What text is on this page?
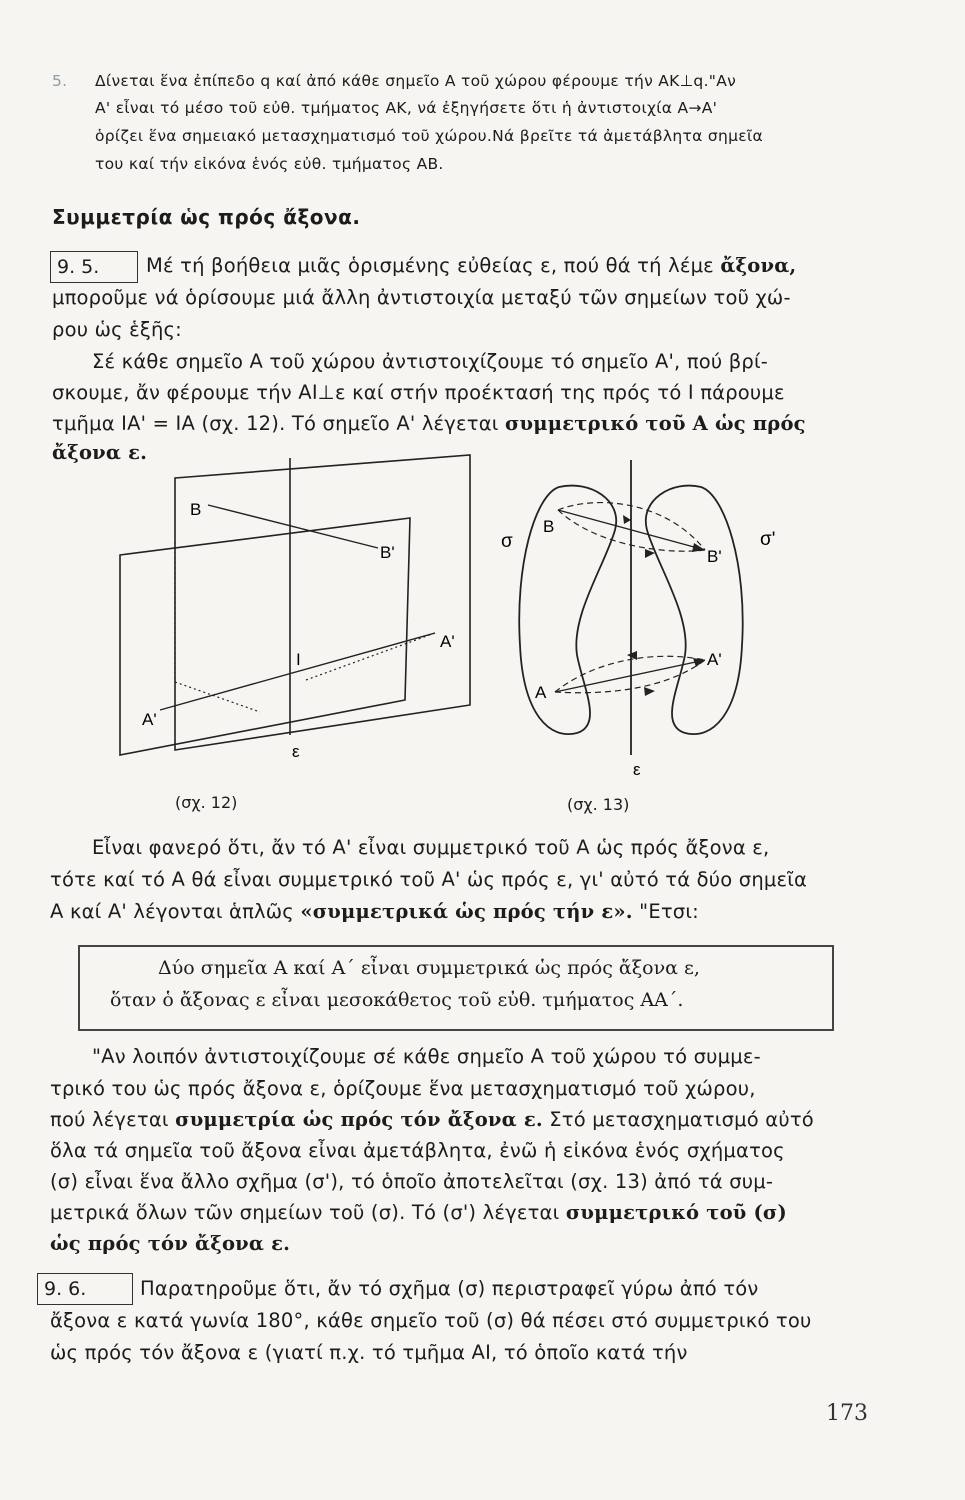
5. Δίνεται ἕνα ἐπίπεδο q καί ἀπό κάθε σημεῖο Α τοῦ χώρου φέρουμε τήν ΑΚ⊥q."Αν
Α' εἶναι τό μέσο τοῦ εὐθ. τμήματος ΑΚ, νά ἐξηγήσετε ὅτι ἡ ἀντιστοιχία Α→Α'
ὁρίζει ἕνα σημειακό μετασχηματισμό τοῦ χώρου.Νά βρεῖτε τά ἀμετάβλητα σημεῖα
του καί τήν εἰκόνα ἑνός εὐθ. τμήματος ΑΒ.
Συμμετρία ὡς πρός ἄξονα.
9. 5.	Μέ τή βοήθεια μιᾶς ὁρισμένης εὐθείας ε, πού θά τή λέμε ἄξονα,
μποροῦμε νά ὁρίσουμε μιά ἄλλη ἀντιστοιχία μεταξύ τῶν σημείων τοῦ χώ-
ρου ὡς ἑξῆς:
Σέ κάθε σημεῖο Α τοῦ χώρου ἀντιστοιχίζουμε τό σημεῖο Α', πού βρί-
σκουμε, ἄν φέρουμε τήν ΑΙ⊥ε καί στήν προέκτασή της πρός τό Ι πάρουμε
τμῆμα ΙΑ' = ΙΑ (σχ. 12). Τό σημεῖο Α' λέγεται συμμετρικό τοῦ Α ὡς πρός
ἄξονα ε.
B
B'
A'
A'
I
ε
(σχ. 12)
σ	σ'
B
B'
A
A'
ε
(σχ. 13)
Εἶναι φανερό ὅτι, ἄν τό Α' εἶναι συμμετρικό τοῦ Α ὡς πρός ἄξονα ε,
τότε καί τό Α θά εἶναι συμμετρικό τοῦ Α' ὡς πρός ε, γι' αὐτό τά δύο σημεῖα
Α καί Α' λέγονται ἁπλῶς «συμμετρικά ὡς πρός τήν ε». "Ετσι:
Δύο σημεῖα Α καί Α΄ εἶναι συμμετρικά ὡς πρός ἄξονα ε,
ὅταν ὁ ἄξονας ε εἶναι μεσοκάθετος τοῦ εὐθ. τμήματος ΑΑ΄.
"Αν λοιπόν ἀντιστοιχίζουμε σέ κάθε σημεῖο Α τοῦ χώρου τό συμμε-
τρικό του ὡς πρός ἄξονα ε, ὁρίζουμε ἕνα μετασχηματισμό τοῦ χώρου,
πού λέγεται συμμετρία ὡς πρός τόν ἄξονα ε. Στό μετασχηματισμό αὐτό
ὅλα τά σημεῖα τοῦ ἄξονα εἶναι ἀμετάβλητα, ἐνῶ ἡ εἰκόνα ἑνός σχήματος
(σ) εἶναι ἕνα ἄλλο σχῆμα (σ'), τό ὁποῖο ἀποτελεῖται (σχ. 13) ἀπό τά συμ-
μετρικά ὅλων τῶν σημείων τοῦ (σ). Τό (σ') λέγεται συμμετρικό τοῦ (σ)
ὡς πρός τόν ἄξονα ε.
9. 6.	Παρατηροῦμε ὅτι, ἄν τό σχῆμα (σ) περιστραφεῖ γύρω ἀπό τόν
ἄξονα ε κατά γωνία 180°, κάθε σημεῖο τοῦ (σ) θά πέσει στό συμμετρικό του
ὡς πρός τόν ἄξονα ε (γιατί π.χ. τό τμῆμα ΑΙ, τό ὁποῖο κατά τήν
173
